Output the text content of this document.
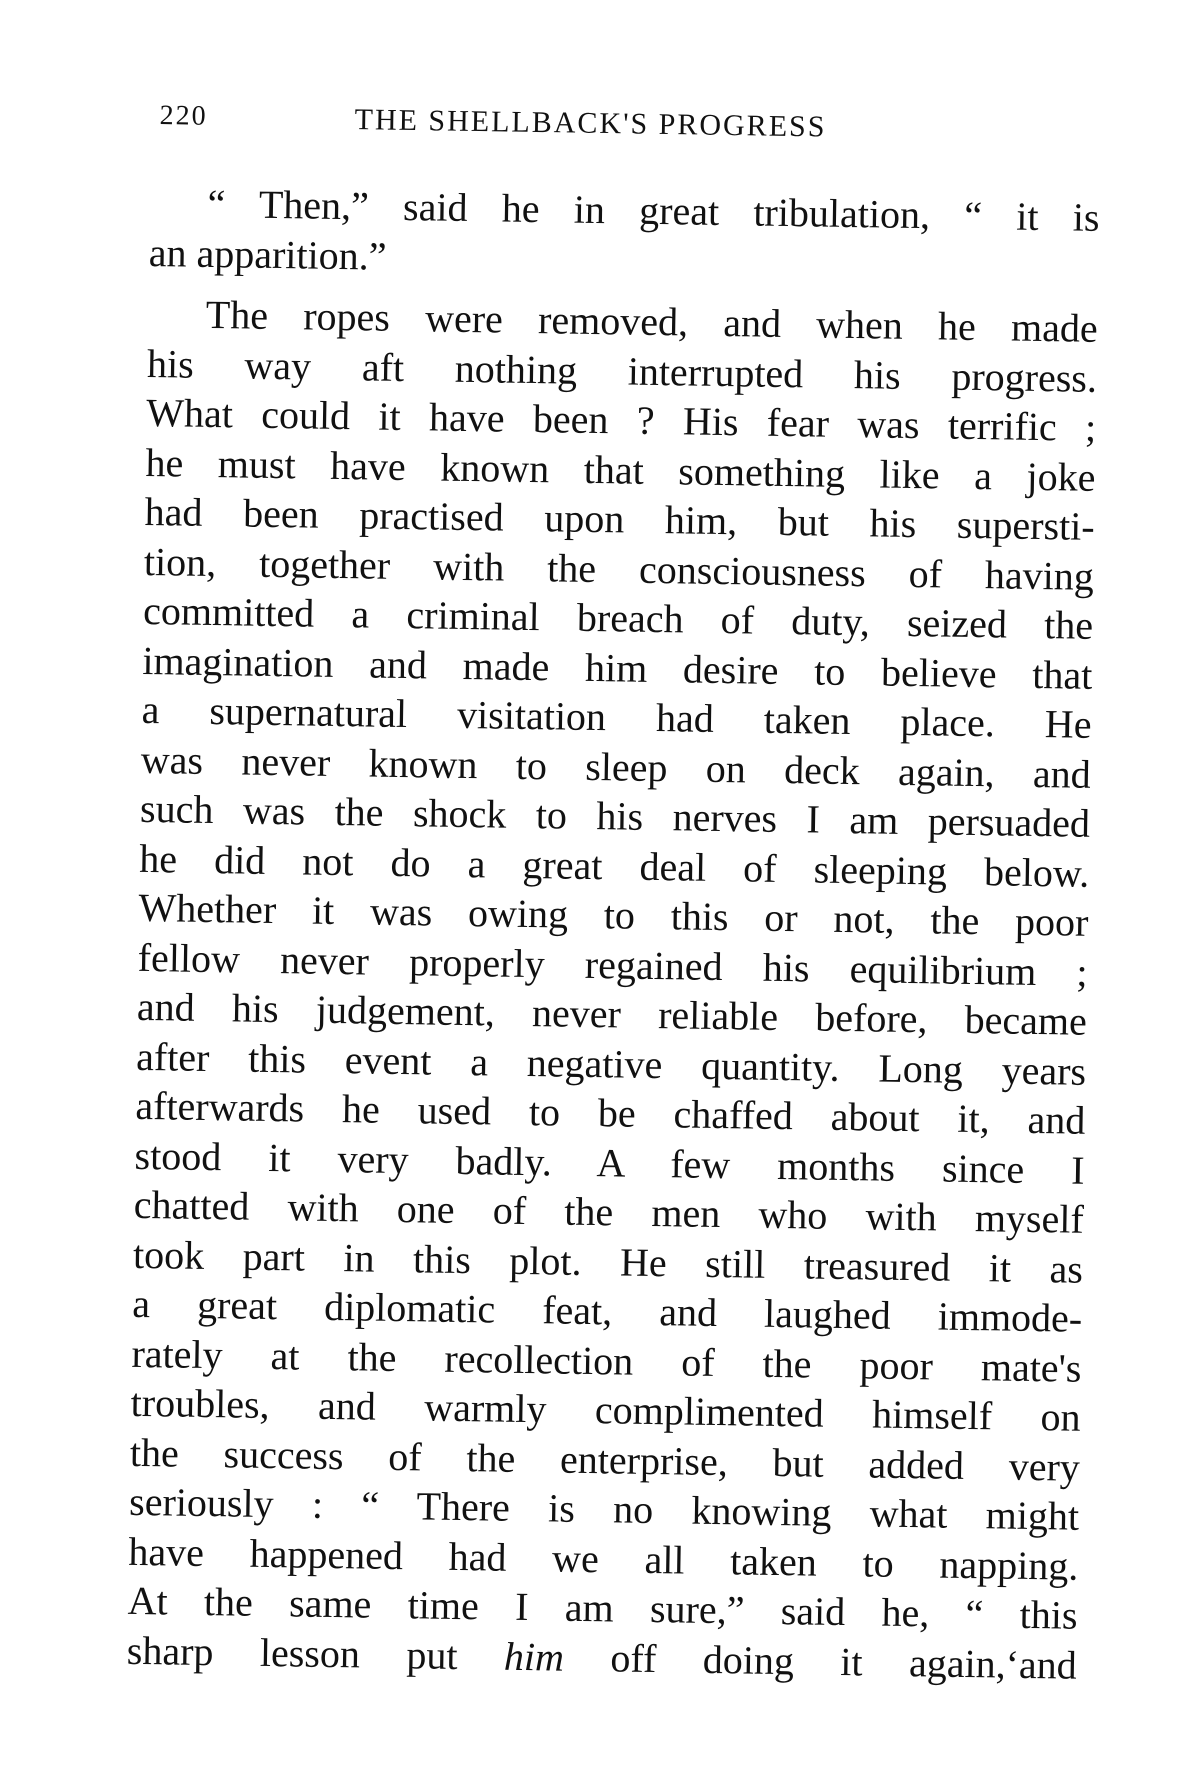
220	THE SHELLBACK'S PROGRESS
“ Then,” said he in great tribulation, “ it is
an apparition.”
The ropes were removed, and when he made
his way aft nothing interrupted his progress.
What could it have been ? His fear was terrific ;
he must have known that something like a joke
had been practised upon him, but his supersti-
tion, together with the consciousness of having
committed a criminal breach of duty, seized the
imagination and made him desire to believe that
a supernatural visitation had taken place. He
was never known to sleep on deck again, and
such was the shock to his nerves I am persuaded
he did not do a great deal of sleeping below.
Whether it was owing to this or not, the poor
fellow never properly regained his equilibrium ;
and his judgement, never reliable before, became
after this event a negative quantity. Long years
afterwards he used to be chaffed about it, and
stood it very badly. A few months since I
chatted with one of the men who with myself
took part in this plot. He still treasured it as
a great diplomatic feat, and laughed immode-
rately at the recollection of the poor mate's
troubles, and warmly complimented himself on
the success of the enterprise, but added very
seriously : “ There is no knowing what might
have happened had we all taken to napping.
At the same time I am sure,” said he, “ this
sharp lesson put him off doing it again,‘and
